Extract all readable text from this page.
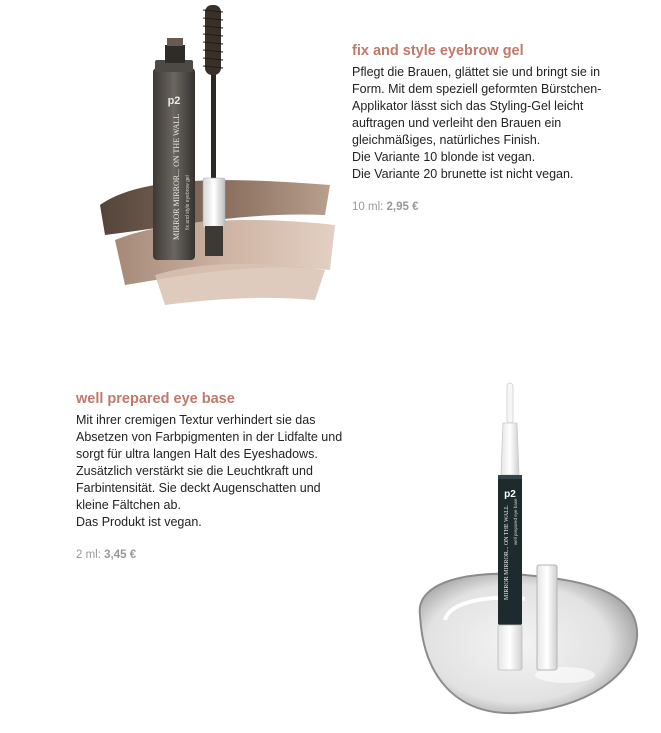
p2
MIRROR MIRROR... ON THE WALL fix and style eyebrow gel
fix and style eyebrow gel
Pflegt die Brauen, glättet sie und bringt sie in
Form. Mit dem speziell geformten Bürstchen-
Applikator lässt sich das Styling-Gel leicht
auftragen und verleiht den Brauen ein
gleichmäßiges, natürliches Finish.
Die Variante 10 blonde ist vegan.
Die Variante 20 brunette ist nicht vegan.
10 ml: 2,95 €
well prepared eye base
Mit ihrer cremigen Textur verhindert sie das
Absetzen von Farbpigmenten in der Lidfalte und
sorgt für ultra langen Halt des Eyeshadows.
Zusätzlich verstärkt sie die Leuchtkraft und
Farbintensität. Sie deckt Augenschatten und
kleine Fältchen ab.
Das Produkt ist vegan.
2 ml: 3,45 €
p2
MIRROR MIRROR... ON THE WALL well prepared eye base
